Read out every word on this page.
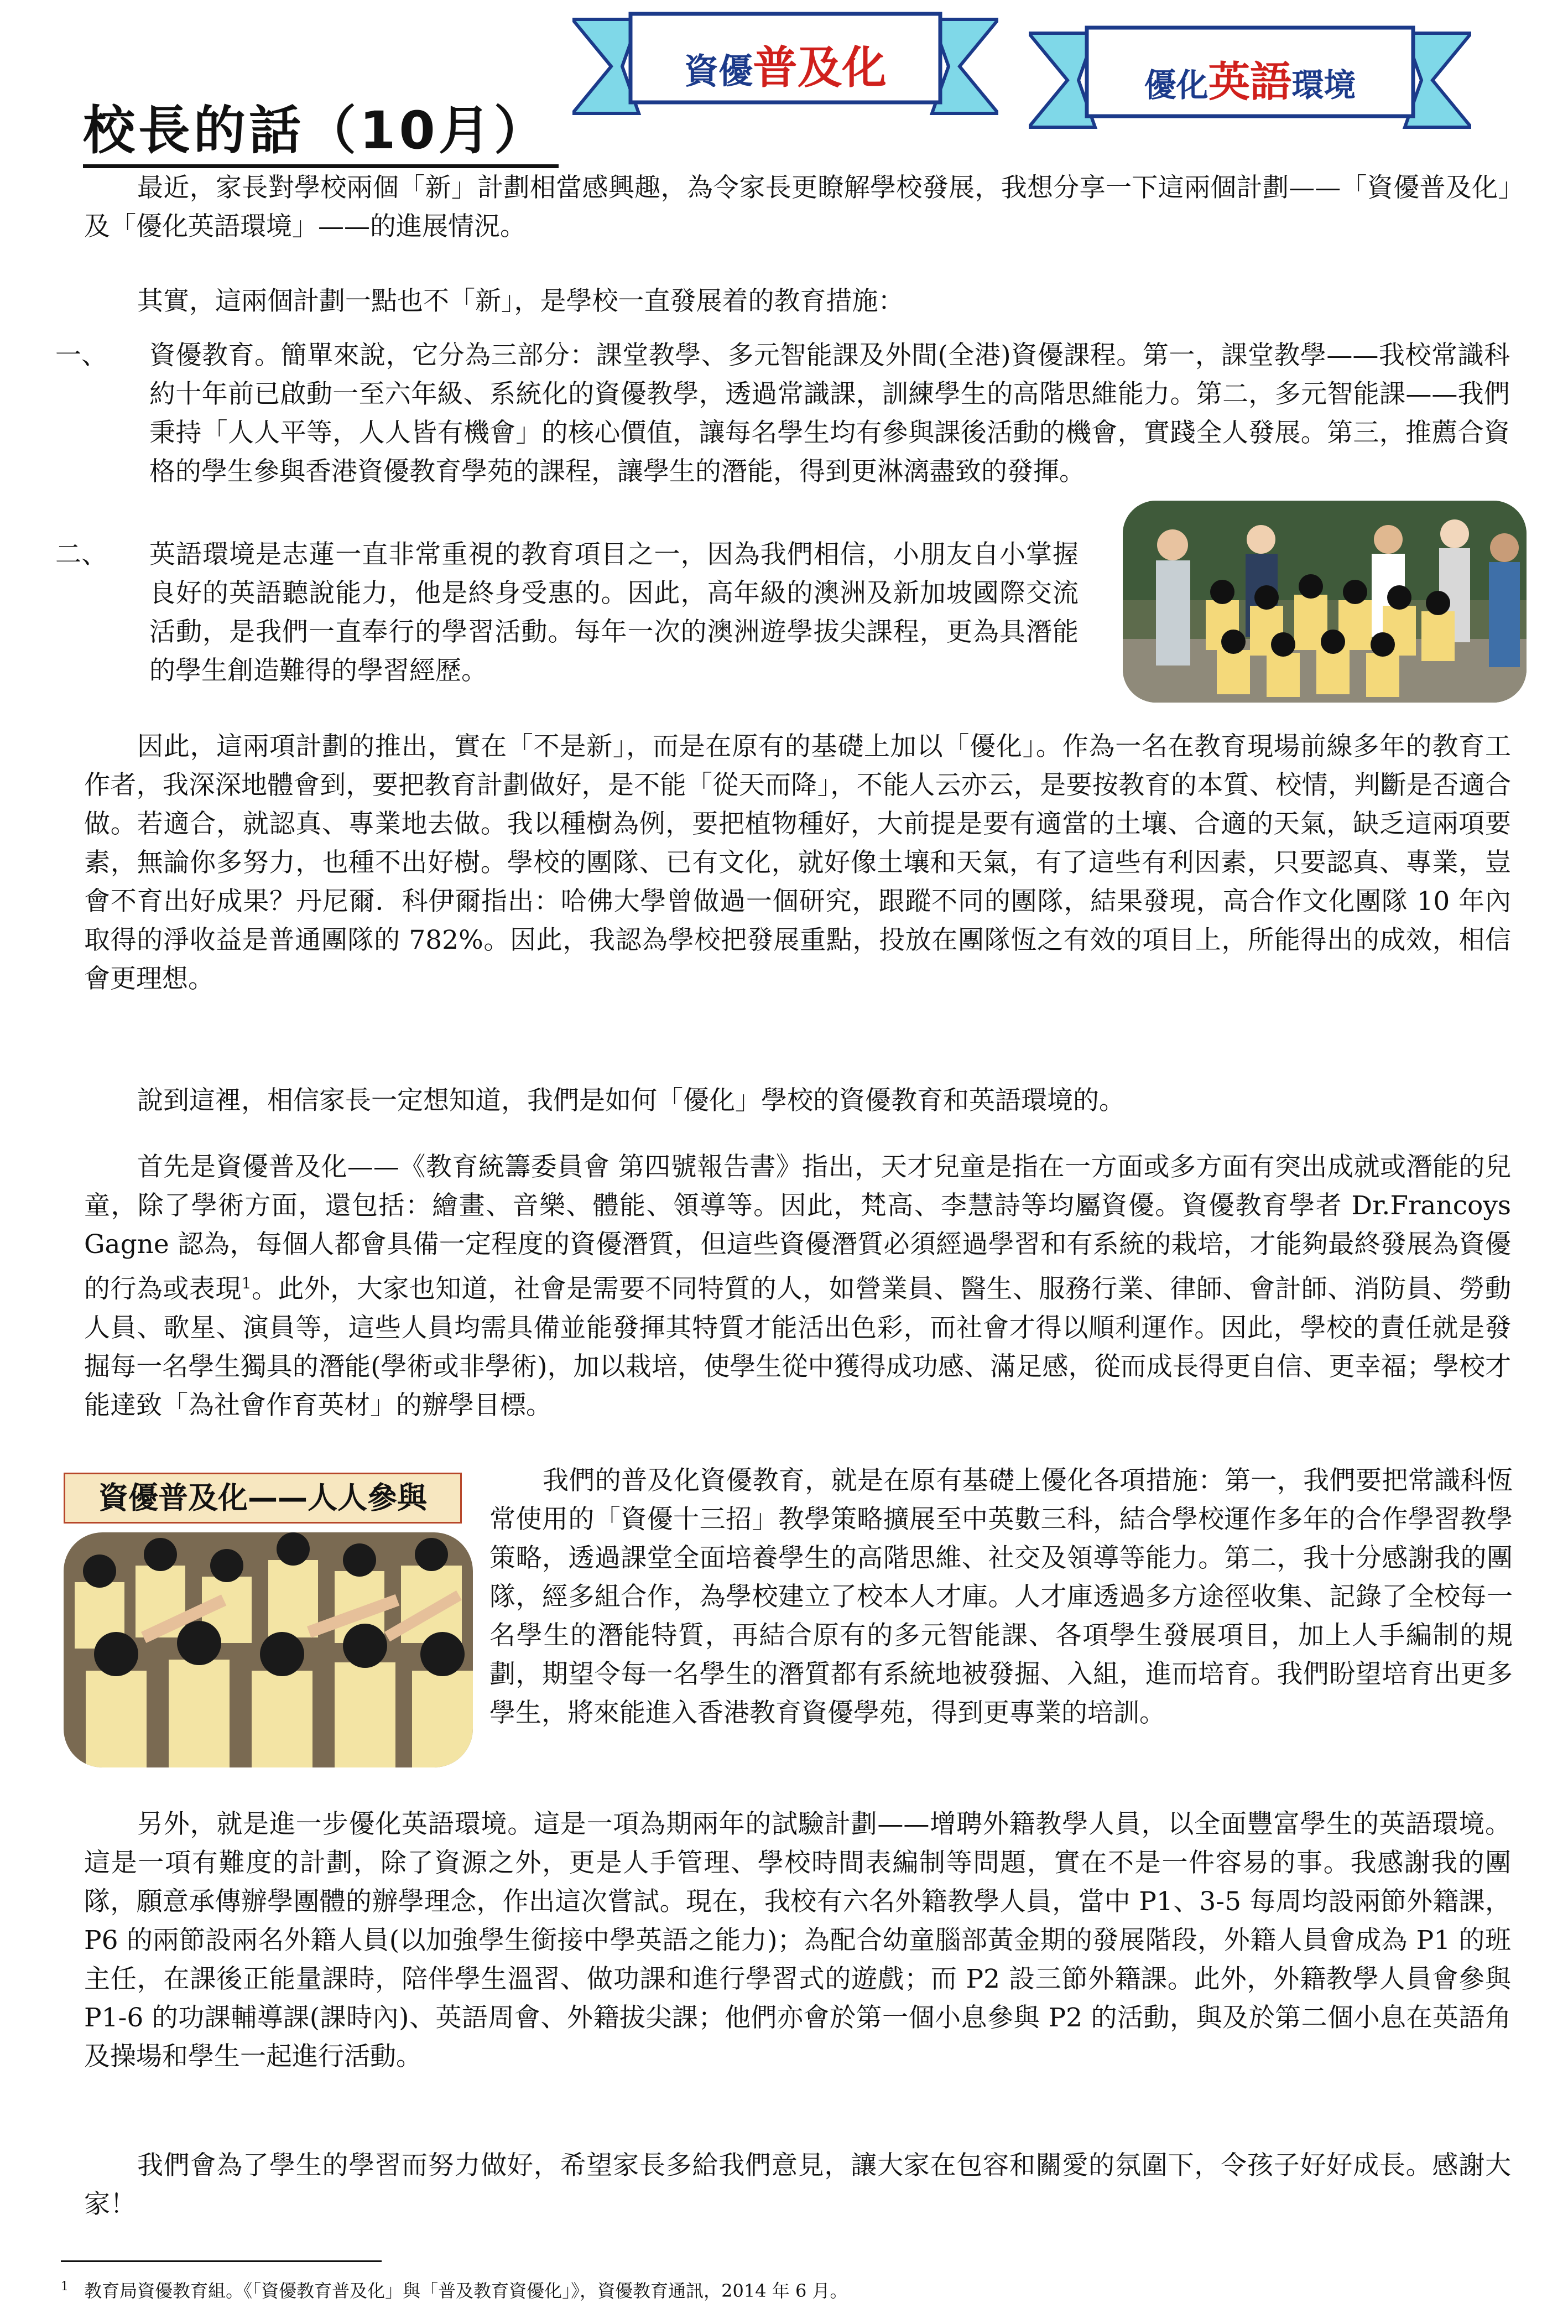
校長的話（10月）
資優普及化	優化英語環境
最近，家長對學校兩個「新」計劃相當感興趣，為令家長更瞭解學校發展，我想分享一下這兩個計劃——「資優普及化」及「優化英語環境」——的進展情況。
其實，這兩個計劃一點也不「新」，是學校一直發展着的教育措施：
一、 資優教育。簡單來說，它分為三部分：課堂教學、多元智能課及外間(全港)資優課程。第一，課堂教學——我校常識科約十年前已啟動一至六年級、系統化的資優教學，透過常識課，訓練學生的高階思維能力。第二，多元智能課——我們秉持「人人平等，人人皆有機會」的核心價值，讓每名學生均有參與課後活動的機會，實踐全人發展。第三，推薦合資格的學生參與香港資優教育學苑的課程，讓學生的潛能，得到更淋漓盡致的發揮。
二、 英語環境是志蓮一直非常重視的教育項目之一，因為我們相信，小朋友自小掌握良好的英語聽說能力，他是終身受惠的。因此，高年級的澳洲及新加坡國際交流活動，是我們一直奉行的學習活動。每年一次的澳洲遊學拔尖課程，更為具潛能的學生創造難得的學習經歷。
因此，這兩項計劃的推出，實在「不是新」，而是在原有的基礎上加以「優化」。作為一名在教育現場前線多年的教育工作者，我深深地體會到，要把教育計劃做好，是不能「從天而降」，不能人云亦云，是要按教育的本質、校情，判斷是否適合做。若適合，就認真、專業地去做。我以種樹為例，要把植物種好，大前提是要有適當的土壤、合適的天氣，缺乏這兩項要素，無論你多努力，也種不出好樹。學校的團隊、已有文化，就好像土壤和天氣，有了這些有利因素，只要認真、專業，豈會不育出好成果？丹尼爾．科伊爾指出：哈佛大學曾做過一個研究，跟蹤不同的團隊，結果發現，高合作文化團隊 10 年內取得的淨收益是普通團隊的 782%。因此，我認為學校把發展重點，投放在團隊恆之有效的項目上，所能得出的成效，相信會更理想。
說到這裡，相信家長一定想知道，我們是如何「優化」學校的資優教育和英語環境的。
首先是資優普及化——《教育統籌委員會 第四號報告書》指出，天才兒童是指在一方面或多方面有突出成就或潛能的兒童，除了學術方面，還包括：繪畫、音樂、體能、領導等。因此，梵高、李慧詩等均屬資優。資優教育學者 Dr.Francoys Gagne 認為，每個人都會具備一定程度的資優潛質，但這些資優潛質必須經過學習和有系統的栽培，才能夠最終發展為資優的行為或表現$^1$。此外，大家也知道，社會是需要不同特質的人，如營業員、醫生、服務行業、律師、會計師、消防員、勞動人員、歌星、演員等，這些人員均需具備並能發揮其特質才能活出色彩，而社會才得以順利運作。因此，學校的責任就是發掘每一名學生獨具的潛能(學術或非學術)，加以栽培，使學生從中獲得成功感、滿足感，從而成長得更自信、更幸福；學校才能達致「為社會作育英材」的辦學目標。
資優普及化——人人參與	我們的普及化資優教育，就是在原有基礎上優化各項措施：第一，我們要把常識科恆常使用的「資優十三招」教學策略擴展至中英數三科，結合學校運作多年的合作學習教學策略，透過課堂全面培養學生的高階思維、社交及領導等能力。第二，我十分感謝我的團隊，經多組合作，為學校建立了校本人才庫。人才庫透過多方途徑收集、記錄了全校每一名學生的潛能特質，再結合原有的多元智能課、各項學生發展項目，加上人手編制的規劃，期望令每一名學生的潛質都有系統地被發掘、入組，進而培育。我們盼望培育出更多學生，將來能進入香港教育資優學苑，得到更專業的培訓。
另外，就是進一步優化英語環境。這是一項為期兩年的試驗計劃——增聘外籍教學人員，以全面豐富學生的英語環境。這是一項有難度的計劃，除了資源之外，更是人手管理、學校時間表編制等問題，實在不是一件容易的事。我感謝我的團隊，願意承傳辦學團體的辦學理念，作出這次嘗試。現在，我校有六名外籍教學人員，當中 P1、3-5 每周均設兩節外籍課，P6 的兩節設兩名外籍人員(以加強學生銜接中學英語之能力)；為配合幼童腦部黃金期的發展階段，外籍人員會成為 P1 的班主任，在課後正能量課時，陪伴學生溫習、做功課和進行學習式的遊戲；而 P2 設三節外籍課。此外，外籍教學人員會參與 P1-6 的功課輔導課(課時內)、英語周會、外籍拔尖課；他們亦會於第一個小息參與 P2 的活動，與及於第二個小息在英語角及操場和學生一起進行活動。
我們會為了學生的學習而努力做好，希望家長多給我們意見，讓大家在包容和關愛的氛圍下，令孩子好好成長。感謝大家！
$^1$ 教育局資優教育組。《「資優教育普及化」與「普及教育資優化」》，資優教育通訊，2014 年 6 月。
